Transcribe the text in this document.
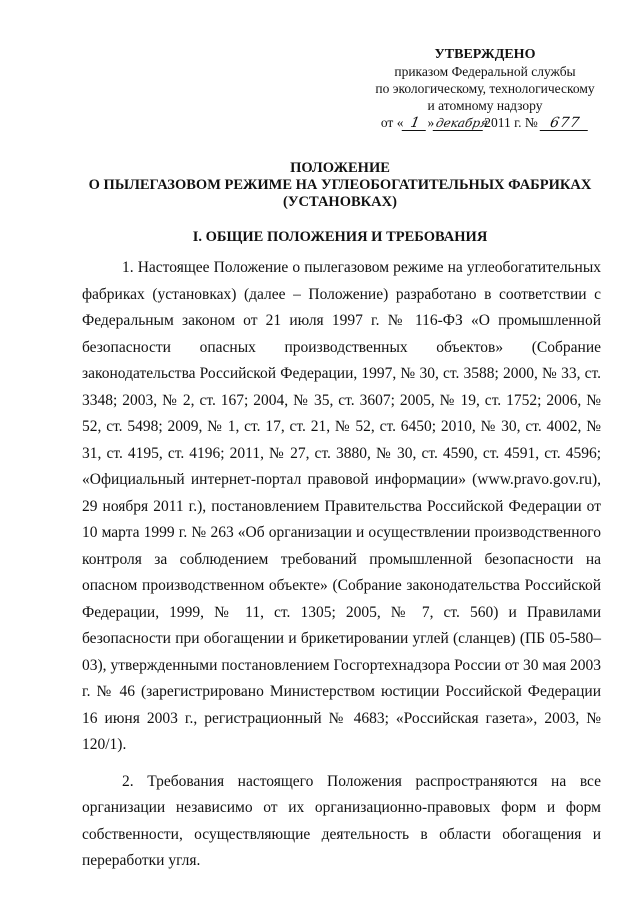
УТВЕРЖДЕНО
приказом Федеральной службы
по экологическому, технологическому
и атомному надзору
от « 1 »декабря2011 г. № 677
ПОЛОЖЕНИЕ
О ПЫЛЕГАЗОВОМ РЕЖИМЕ НА УГЛЕОБОГАТИТЕЛЬНЫХ ФАБРИКАХ
(УСТАНОВКАХ)
I. ОБЩИЕ ПОЛОЖЕНИЯ И ТРЕБОВАНИЯ

1. Настоящее Положение о пылегазовом режиме на углеобогатительных фабриках (установках) (далее – Положение) разработано в соответствии с Федеральным законом от 21 июля 1997 г. № 116-ФЗ «О промышленной безопасности опасных производственных объектов» (Собрание законодательства Российской Федерации, 1997, № 30, ст. 3588; 2000, № 33, ст. 3348; 2003, № 2, ст. 167; 2004, № 35, ст. 3607; 2005, № 19, ст. 1752; 2006, № 52, ст. 5498; 2009, № 1, ст. 17, ст. 21, № 52, ст. 6450; 2010, № 30, ст. 4002, № 31, ст. 4195, ст. 4196; 2011, № 27, ст. 3880, № 30, ст. 4590, ст. 4591, ст. 4596; «Официальный интернет-портал правовой информации» (www.pravo.gov.ru), 29 ноября 2011 г.), постановлением Правительства Российской Федерации от 10 марта 1999 г. № 263 «Об организации и осуществлении производственного контроля за соблюдением требований промышленной безопасности на опасном производственном объекте» (Собрание законодательства Российской Федерации, 1999, № 11, ст. 1305; 2005, № 7, ст. 560) и Правилами безопасности при обогащении и брикетировании углей (сланцев) (ПБ 05-580–03), утвержденными постановлением Госгортехнадзора России от 30 мая 2003 г. № 46 (зарегистрировано Министерством юстиции Российской Федерации 16 июня 2003 г., регистрационный № 4683; «Российская газета», 2003, № 120/1).

2. Требования настоящего Положения распространяются на все организации независимо от их организационно-правовых форм и форм собственности, осуществляющие деятельность в области обогащения и переработки угля.
